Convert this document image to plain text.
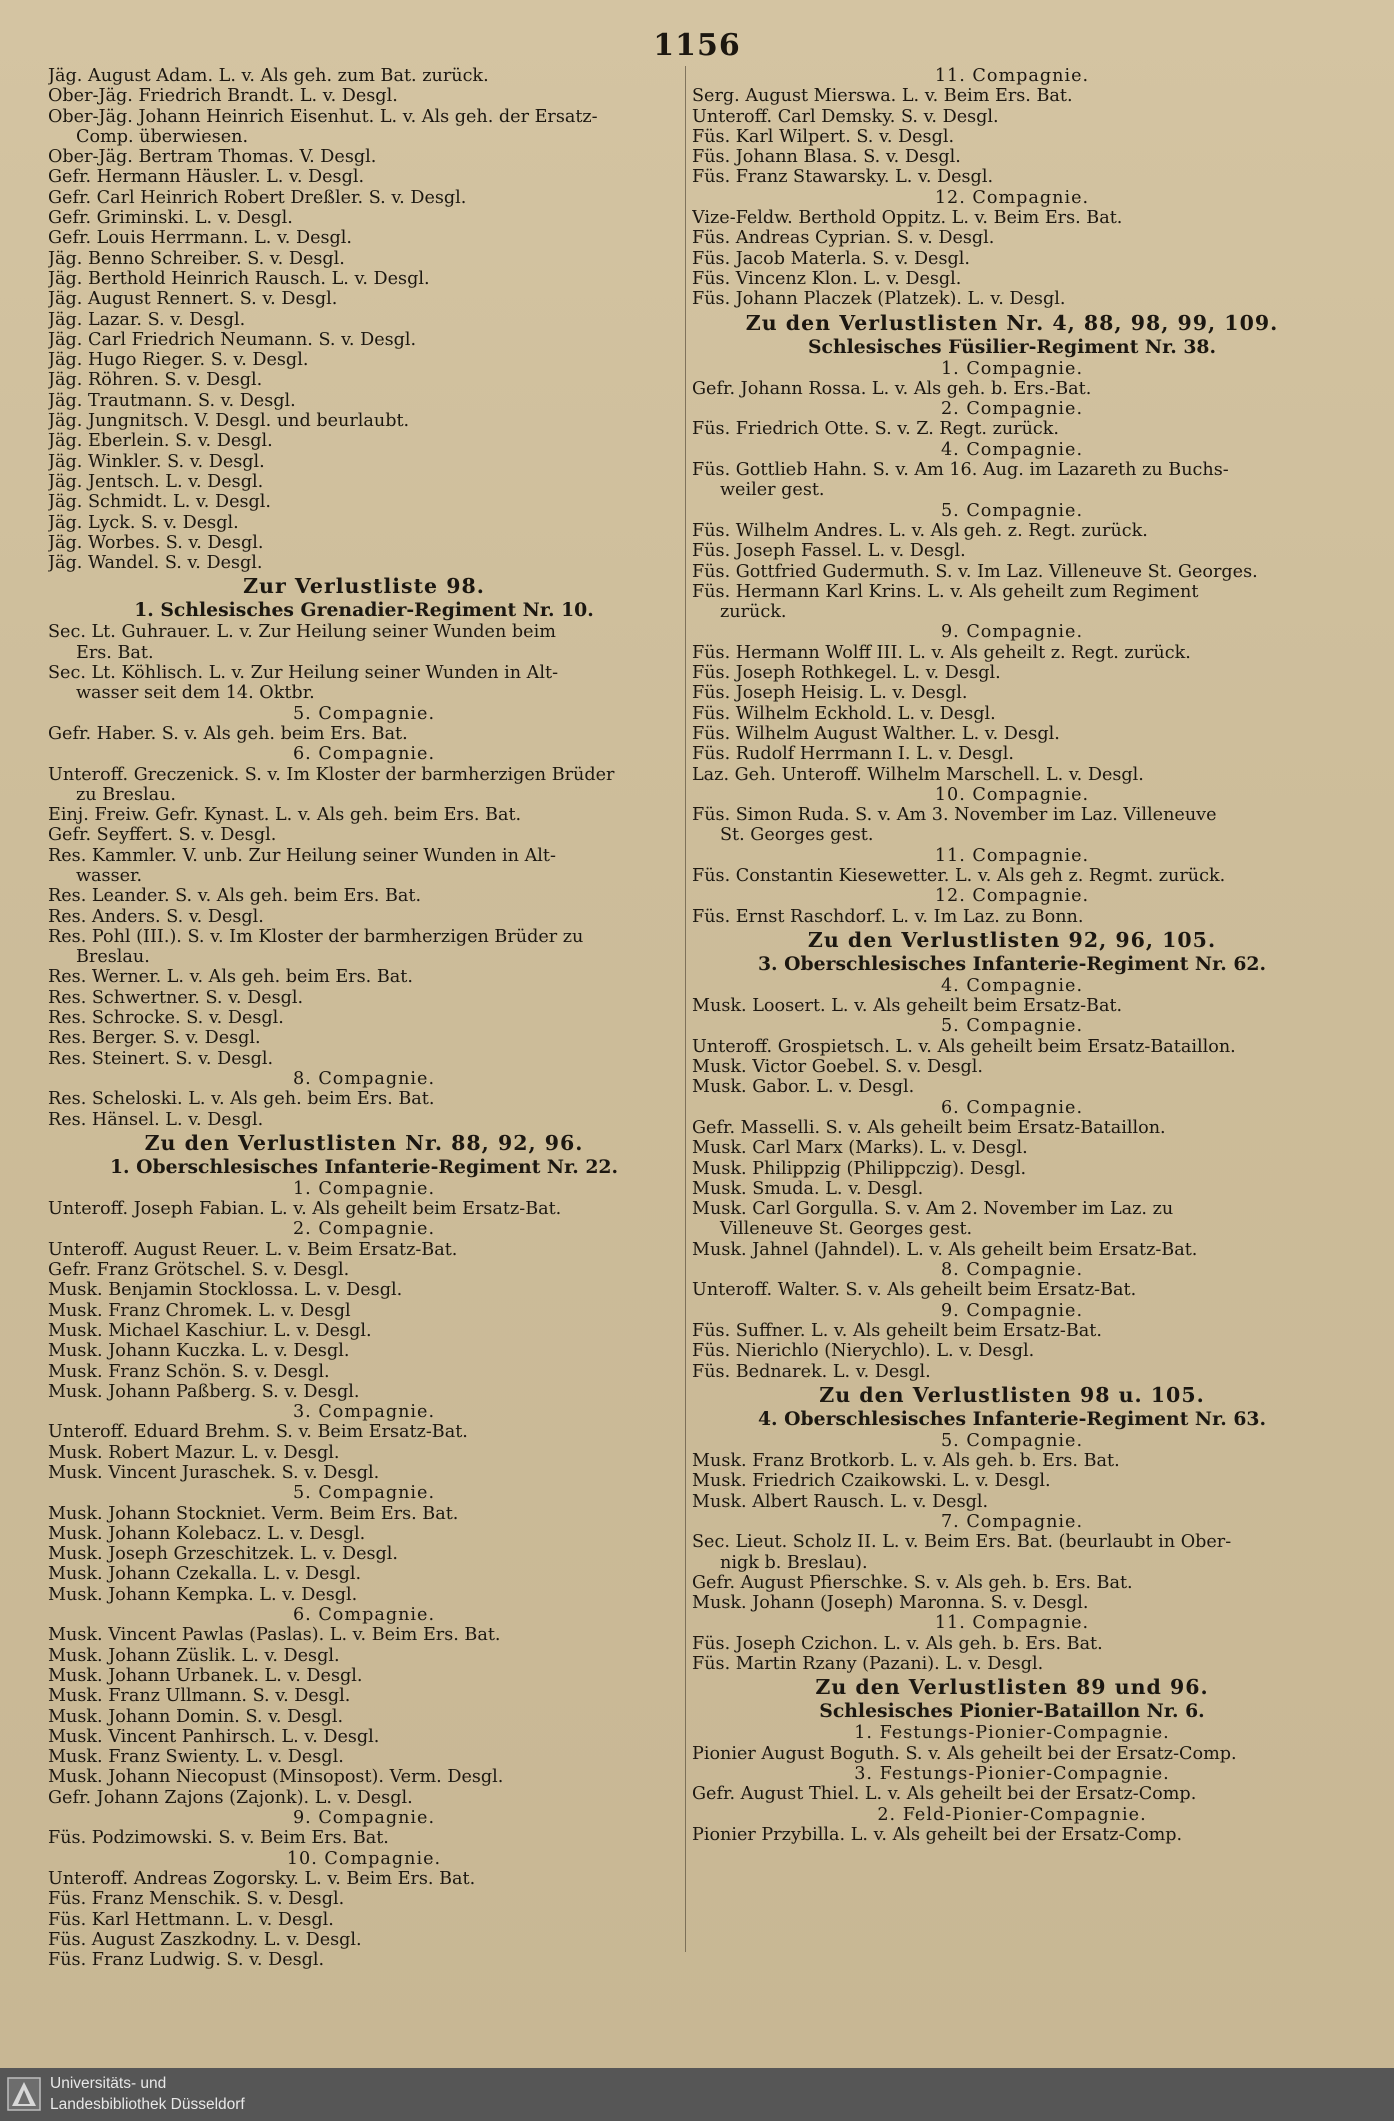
1156
Jäg. August Adam. L. v. Als geh. zum Bat. zurück.
Ober-Jäg. Friedrich Brandt. L. v. Desgl.
Ober-Jäg. Johann Heinrich Eisenhut. L. v. Als geh. der Ersatz-
Comp. überwiesen.
Ober-Jäg. Bertram Thomas. V. Desgl.
Gefr. Hermann Häusler. L. v. Desgl.
Gefr. Carl Heinrich Robert Dreßler. S. v. Desgl.
Gefr. Griminski. L. v. Desgl.
Gefr. Louis Herrmann. L. v. Desgl.
Jäg. Benno Schreiber. S. v. Desgl.
Jäg. Berthold Heinrich Rausch. L. v. Desgl.
Jäg. August Rennert. S. v. Desgl.
Jäg. Lazar. S. v. Desgl.
Jäg. Carl Friedrich Neumann. S. v. Desgl.
Jäg. Hugo Rieger. S. v. Desgl.
Jäg. Röhren. S. v. Desgl.
Jäg. Trautmann. S. v. Desgl.
Jäg. Jungnitsch. V. Desgl. und beurlaubt.
Jäg. Eberlein. S. v. Desgl.
Jäg. Winkler. S. v. Desgl.
Jäg. Jentsch. L. v. Desgl.
Jäg. Schmidt. L. v. Desgl.
Jäg. Lyck. S. v. Desgl.
Jäg. Worbes. S. v. Desgl.
Jäg. Wandel. S. v. Desgl.
Zur Verlustliste 98.
1. Schlesisches Grenadier-Regiment Nr. 10.
Sec. Lt. Guhrauer. L. v. Zur Heilung seiner Wunden beim
Ers. Bat.
Sec. Lt. Köhlisch. L. v. Zur Heilung seiner Wunden in Alt-
wasser seit dem 14. Oktbr.
5. Compagnie.
Gefr. Haber. S. v. Als geh. beim Ers. Bat.
6. Compagnie.
Unteroff. Greczenick. S. v. Im Kloster der barmherzigen Brüder
zu Breslau.
Einj. Freiw. Gefr. Kynast. L. v. Als geh. beim Ers. Bat.
Gefr. Seyffert. S. v. Desgl.
Res. Kammler. V. unb. Zur Heilung seiner Wunden in Alt-
wasser.
Res. Leander. S. v. Als geh. beim Ers. Bat.
Res. Anders. S. v. Desgl.
Res. Pohl (III.). S. v. Im Kloster der barmherzigen Brüder zu
Breslau.
Res. Werner. L. v. Als geh. beim Ers. Bat.
Res. Schwertner. S. v. Desgl.
Res. Schrocke. S. v. Desgl.
Res. Berger. S. v. Desgl.
Res. Steinert. S. v. Desgl.
8. Compagnie.
Res. Scheloski. L. v. Als geh. beim Ers. Bat.
Res. Hänsel. L. v. Desgl.
Zu den Verlustlisten Nr. 88, 92, 96.
1. Oberschlesisches Infanterie-Regiment Nr. 22.
1. Compagnie.
Unteroff. Joseph Fabian. L. v. Als geheilt beim Ersatz-Bat.
2. Compagnie.
Unteroff. August Reuer. L. v. Beim Ersatz-Bat.
Gefr. Franz Grötschel. S. v. Desgl.
Musk. Benjamin Stocklossa. L. v. Desgl.
Musk. Franz Chromek. L. v. Desgl
Musk. Michael Kaschiur. L. v. Desgl.
Musk. Johann Kuczka. L. v. Desgl.
Musk. Franz Schön. S. v. Desgl.
Musk. Johann Paßberg. S. v. Desgl.
3. Compagnie.
Unteroff. Eduard Brehm. S. v. Beim Ersatz-Bat.
Musk. Robert Mazur. L. v. Desgl.
Musk. Vincent Juraschek. S. v. Desgl.
5. Compagnie.
Musk. Johann Stockniet. Verm. Beim Ers. Bat.
Musk. Johann Kolebacz. L. v. Desgl.
Musk. Joseph Grzeschitzek. L. v. Desgl.
Musk. Johann Czekalla. L. v. Desgl.
Musk. Johann Kempka. L. v. Desgl.
6. Compagnie.
Musk. Vincent Pawlas (Paslas). L. v. Beim Ers. Bat.
Musk. Johann Züslik. L. v. Desgl.
Musk. Johann Urbanek. L. v. Desgl.
Musk. Franz Ullmann. S. v. Desgl.
Musk. Johann Domin. S. v. Desgl.
Musk. Vincent Panhirsch. L. v. Desgl.
Musk. Franz Swienty. L. v. Desgl.
Musk. Johann Niecopust (Minsopost). Verm. Desgl.
Gefr. Johann Zajons (Zajonk). L. v. Desgl.
9. Compagnie.
Füs. Podzimowski. S. v. Beim Ers. Bat.
10. Compagnie.
Unteroff. Andreas Zogorsky. L. v. Beim Ers. Bat.
Füs. Franz Menschik. S. v. Desgl.
Füs. Karl Hettmann. L. v. Desgl.
Füs. August Zaszkodny. L. v. Desgl.
Füs. Franz Ludwig. S. v. Desgl.
11. Compagnie.
Serg. August Mierswa. L. v. Beim Ers. Bat.
Unteroff. Carl Demsky. S. v. Desgl.
Füs. Karl Wilpert. S. v. Desgl.
Füs. Johann Blasa. S. v. Desgl.
Füs. Franz Stawarsky. L. v. Desgl.
12. Compagnie.
Vize-Feldw. Berthold Oppitz. L. v. Beim Ers. Bat.
Füs. Andreas Cyprian. S. v. Desgl.
Füs. Jacob Materla. S. v. Desgl.
Füs. Vincenz Klon. L. v. Desgl.
Füs. Johann Placzek (Platzek). L. v. Desgl.
Zu den Verlustlisten Nr. 4, 88, 98, 99, 109.
Schlesisches Füsilier-Regiment Nr. 38.
1. Compagnie.
Gefr. Johann Rossa. L. v. Als geh. b. Ers.-Bat.
2. Compagnie.
Füs. Friedrich Otte. S. v. Z. Regt. zurück.
4. Compagnie.
Füs. Gottlieb Hahn. S. v. Am 16. Aug. im Lazareth zu Buchs-
weiler gest.
5. Compagnie.
Füs. Wilhelm Andres. L. v. Als geh. z. Regt. zurück.
Füs. Joseph Fassel. L. v. Desgl.
Füs. Gottfried Gudermuth. S. v. Im Laz. Villeneuve St. Georges.
Füs. Hermann Karl Krins. L. v. Als geheilt zum Regiment
zurück.
9. Compagnie.
Füs. Hermann Wolff III. L. v. Als geheilt z. Regt. zurück.
Füs. Joseph Rothkegel. L. v. Desgl.
Füs. Joseph Heisig. L. v. Desgl.
Füs. Wilhelm Eckhold. L. v. Desgl.
Füs. Wilhelm August Walther. L. v. Desgl.
Füs. Rudolf Herrmann I. L. v. Desgl.
Laz. Geh. Unteroff. Wilhelm Marschell. L. v. Desgl.
10. Compagnie.
Füs. Simon Ruda. S. v. Am 3. November im Laz. Villeneuve
St. Georges gest.
11. Compagnie.
Füs. Constantin Kiesewetter. L. v. Als geh z. Regmt. zurück.
12. Compagnie.
Füs. Ernst Raschdorf. L. v. Im Laz. zu Bonn.
Zu den Verlustlisten 92, 96, 105.
3. Oberschlesisches Infanterie-Regiment Nr. 62.
4. Compagnie.
Musk. Loosert. L. v. Als geheilt beim Ersatz-Bat.
5. Compagnie.
Unteroff. Grospietsch. L. v. Als geheilt beim Ersatz-Bataillon.
Musk. Victor Goebel. S. v. Desgl.
Musk. Gabor. L. v. Desgl.
6. Compagnie.
Gefr. Masselli. S. v. Als geheilt beim Ersatz-Bataillon.
Musk. Carl Marx (Marks). L. v. Desgl.
Musk. Philippzig (Philippczig). Desgl.
Musk. Smuda. L. v. Desgl.
Musk. Carl Gorgulla. S. v. Am 2. November im Laz. zu
Villeneuve St. Georges gest.
Musk. Jahnel (Jahndel). L. v. Als geheilt beim Ersatz-Bat.
8. Compagnie.
Unteroff. Walter. S. v. Als geheilt beim Ersatz-Bat.
9. Compagnie.
Füs. Suffner. L. v. Als geheilt beim Ersatz-Bat.
Füs. Nierichlo (Nierychlo). L. v. Desgl.
Füs. Bednarek. L. v. Desgl.
Zu den Verlustlisten 98 u. 105.
4. Oberschlesisches Infanterie-Regiment Nr. 63.
5. Compagnie.
Musk. Franz Brotkorb. L. v. Als geh. b. Ers. Bat.
Musk. Friedrich Czaikowski. L. v. Desgl.
Musk. Albert Rausch. L. v. Desgl.
7. Compagnie.
Sec. Lieut. Scholz II. L. v. Beim Ers. Bat. (beurlaubt in Ober-
nigk b. Breslau).
Gefr. August Pfierschke. S. v. Als geh. b. Ers. Bat.
Musk. Johann (Joseph) Maronna. S. v. Desgl.
11. Compagnie.
Füs. Joseph Czichon. L. v. Als geh. b. Ers. Bat.
Füs. Martin Rzany (Pazani). L. v. Desgl.
Zu den Verlustlisten 89 und 96.
Schlesisches Pionier-Bataillon Nr. 6.
1. Festungs-Pionier-Compagnie.
Pionier August Boguth. S. v. Als geheilt bei der Ersatz-Comp.
3. Festungs-Pionier-Compagnie.
Gefr. August Thiel. L. v. Als geheilt bei der Ersatz-Comp.
2. Feld-Pionier-Compagnie.
Pionier Przybilla. L. v. Als geheilt bei der Ersatz-Comp.
Universitäts- und
Landesbibliothek Düsseldorf
